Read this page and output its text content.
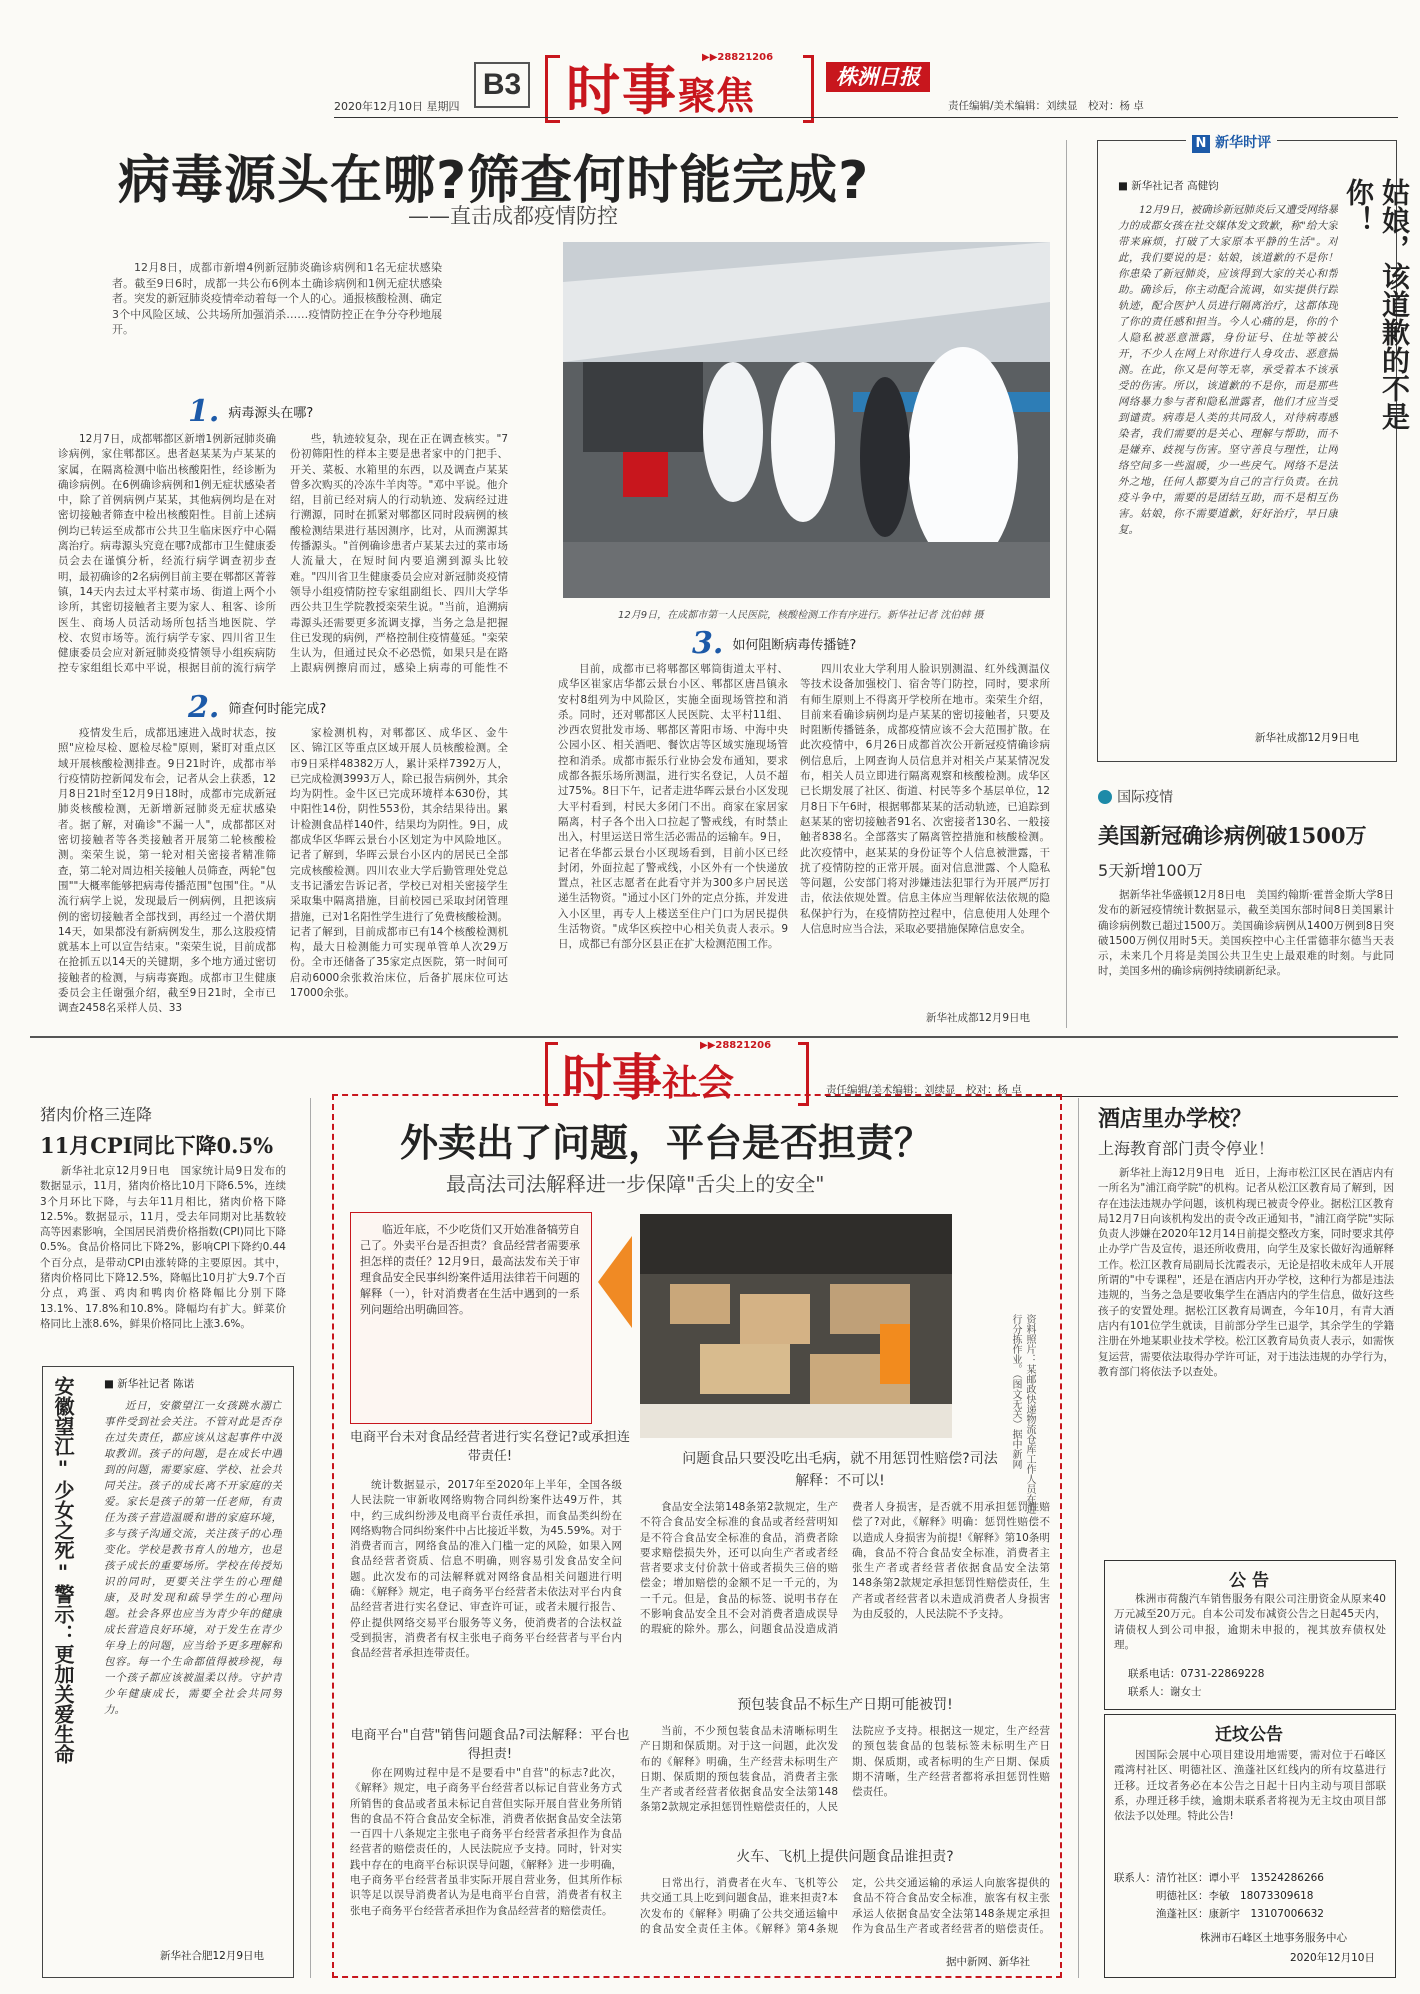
B3
2020年12月10日 星期四 时事聚焦
▶▶28821206
株洲日报
责任编辑/美术编辑：刘续显　校对：杨 卓
病毒源头在哪?筛查何时能完成?
——直击成都疫情防控

12月8日，成都市新增4例新冠肺炎确诊病例和1名无症状感染者。截至9日6时，成都一共公布6例本土确诊病例和1例无症状感染者。突发的新冠肺炎疫情牵动着每一个人的心。通报核酸检测、确定3个中风险区域、公共场所加强消杀……疫情防控正在争分夺秒地展开。

1. 病毒源头在哪?

12月7日，成都郫都区新增1例新冠肺炎确诊病例，家住郫都区。患者赵某某为卢某某的家属，在隔离检测中临出核酸阳性，经诊断为确诊病例。在6例确诊病例和1例无症状感染者中，除了首例病例卢某某，其他病例均是在对密切接触者筛查中检出核酸阳性。目前上述病例均已转运至成都市公共卫生临床医疗中心隔离治疗。病毒源头究竟在哪?成都市卫生健康委员会去在谨慎分析，经流行病学调查初步查明，最初确诊的2名病例目前主要在郫都区菁蓉镇，14天内去过太平村菜市场、街道上两个小诊所，其密切接触者主要为家人、租客、诊所医生、商场人员活动场所包括当地医院、学校、农贸市场等。流行病学专家、四川省卫生健康委员会应对新冠肺炎疫情领导小组疾病防控专家组组长邓中平说，根据目前的流行病学

些，轨迹较复杂，现在正在调查核实。"7份初筛阳性的样本主要是患者家中的门把手、开关、菜板、水箱里的东西，以及调查卢某某曾多次购买的冷冻牛羊肉等。"邓中平说。他介绍，目前已经对病人的行动轨迹、发病经过进行溯源，同时在抓紧对郫都区同时段病例的核酸检测结果进行基因测序，比对，从而溯源其传播源头。"首例确诊患者卢某某去过的菜市场人流量大，在短时间内要追溯到源头比较难。"四川省卫生健康委员会应对新冠肺炎疫情领导小组疫情防控专家组副组长、四川大学华西公共卫生学院教授栾荣生说。"当前，追溯病毒源头还需要更多流调支撑，当务之急是把握住已发现的病例，严格控制住疫情蔓延。"栾荣生认为，但通过民众不必恐慌，如果只是在路上跟病例擦肩而过，感染上病毒的可能性不

2. 筛查何时能完成?

疫情发生后，成都迅速进入战时状态，按照"应检尽检、愿检尽检"原则，紧盯对重点区域开展核酸检测排查。9日21时许，成都市举行疫情防控新闻发布会，记者从会上获悉，12月8日21时至12月9日18时，成都市完成新冠肺炎核酸检测，无新增新冠肺炎无症状感染者。据了解，对确诊"不漏一人"，成都都区对密切接触者等各类接触者开展第二轮核酸检测。栾荣生说，第一轮对相关密接者精准筛查，第二轮对周边相关接触人员筛查，两轮"包围""大概率能够把病毒传播范围"包围"住。"从流行病学上说，发现最后一例病例，且把该病例的密切接触者全部找到，再经过一个潜伏期14天，如果都没有新病例发生，那么这股疫情就基本上可以宣告结束。"栾荣生说，目前成都在抢抓五以14天的关键期，多个地方通过密切接触者的检测，与病毒赛跑。成都市卫生健康委员会主任谢强介绍，截至9日21时，全市已调查2458名采样人员、33

家检测机构，对郫都区、成华区、金牛区、锦江区等重点区域开展人员核酸检测。全市9日采样48382万人，累计采样7392万人，已完成检测3993万人，除已报告病例外，其余均为阴性。金牛区已完成环境样本630份，其中阳性14份，阴性553份，其余结果待出。累计检测食品样140件，结果均为阴性。9日，成都成华区华晖云景台小区划定为中风险地区。记者了解到，华晖云景台小区内的居民已全部完成核酸检测。四川农业大学后勤管理处党总支书记潘宏告诉记者，学校已对相关密接学生采取集中隔离措施，目前校园已采取封闭管理措施，已对1名阳性学生进行了免费核酸检测。记者了解到，目前成都市已有14个核酸检测机构，最大日检测能力可实现单管单人次29万份。全市还储备了35家定点医院，第一时间可启动6000余张救治床位，后备扩展床位可达17000余张。

12月9日，在成都市第一人民医院，核酸检测工作有序进行。新华社记者 沈伯韩 摄
3. 如何阻断病毒传播链?

目前，成都市已将郫都区郫筒街道太平村、成华区崔家店华都云景台小区、郫都区唐昌镇永安村8组列为中风险区，实施全面现场管控和消杀。同时，还对郫都区人民医院、太平村11组、沙西农贸批发市场、郫都区菁阳市场、中海中央公园小区、相关酒吧、餐饮店等区域实施现场管控和消杀。成都市振乐行业协会发布通知，要求成都各振乐场所测温，进行实名登记，人员不超过75%。8日下午，记者走进华晖云景台小区发现大平村看到，村民大多闭门不出。商家在家居家隔离，村子各个出入口拉起了警戒线，有时禁止出入，村里运送日常生活必需品的运输车。9日，记者在华都云景台小区现场看到，目前小区已经封闭，外面拉起了警戒线，小区外有一个快递放置点，社区志愿者在此看守并为300多户居民送递生活物资。"通过小区门外的定点分拣，并发进入小区里，再专人上楼送至住户门口为居民提供生活物资。"成华区疾控中心相关负责人表示。9日，成都已有部分区县正在扩大检测范围工作。

四川农业大学利用人脸识别测温、红外线测温仪等技术设备加强校门、宿舍等门防控，同时，要求所有师生原则上不得离开学校所在地市。栾荣生介绍，目前来看确诊病例均是卢某某的密切接触者，只要及时阻断传播链条，成都疫情应该不会大范围扩散。在此次疫情中，6月26日成都首次公开新冠疫情确诊病例信息后，上网查询人员信息并对相关卢某某情况发布，相关人员立即进行隔离观察和核酸检测。成华区已长期发展了社区、街道、村民等多个基层单位，12月8日下午6时，根据郫都某某的活动轨迹，已追踪到赵某某的密切接触者91名、次密接者130名、一般接触者838名。全部落实了隔离管控措施和核酸检测。此次疫情中，赵某某的身份证等个人信息被泄露，干扰了疫情防控的正常开展。面对信息泄露、个人隐私等问题，公安部门将对涉嫌违法犯罪行为开展严厉打击，依法依规处置。信息主体应当理解依法依规的隐私保护行为，在疫情防控过程中，信息使用人处理个人信息时应当合法，采取必要措施保障信息安全。

新华社成都12月9日电
N 新华时评
■ 新华社记者 高健钧	姑娘，该道歉的不是你！

12月9日，被确诊新冠肺炎后又遭受网络暴力的成都女孩在社交媒体发文致歉，称"给大家带来麻烦，打破了大家原本平静的生活"。对此，我们要说的是：姑娘，该道歉的不是你！你患染了新冠肺炎，应该得到大家的关心和帮助。确诊后，你主动配合流调，如实提供行踪轨迹，配合医护人员进行隔离治疗，这都体现了你的责任感和担当。今人心痛的是，你的个人隐私被恶意泄露，身份证号、住址等被公开，不少人在网上对你进行人身攻击、恶意揣测。在此，你又是何等无辜，承受着本不该承受的伤害。所以，该道歉的不是你，而是那些网络暴力参与者和隐私泄露者，他们才应当受到谴责。病毒是人类的共同敌人，对待病毒感染者，我们需要的是关心、理解与帮助，而不是嫌弃、歧视与伤害。坚守善良与理性，让网络空间多一些温暖，少一些戾气。网络不是法外之地，任何人都要为自己的言行负责。在抗疫斗争中，需要的是团结互助，而不是相互伤害。姑娘，你不需要道歉，好好治疗，早日康复。

新华社成都12月9日电
国际疫情
美国新冠确诊病例破1500万
5天新增100万

据新华社华盛顿12月8日电　美国约翰斯·霍普金斯大学8日发布的新冠疫情统计数据显示，截至美国东部时间8日美国累计确诊病例数已超过1500万。美国确诊病例从1400万例到8日突破1500万例仅用时5天。美国疾控中心主任雷德菲尔德当天表示，未来几个月将是美国公共卫生史上最艰难的时刻。与此同时，美国多州的确诊病例持续刷新纪录。

时事社会
▶▶28821206
责任编辑/美术编辑：刘续显　校对：杨 卓
猪肉价格三连降
11月CPI同比下降0.5%

新华社北京12月9日电　国家统计局9日发布的数据显示，11月，猪肉价格比10月下降6.5%，连续3个月环比下降，与去年11月相比，猪肉价格下降12.5%。数据显示，11月，受去年同期对比基数较高等因素影响，全国居民消费价格指数(CPI)同比下降0.5%。食品价格同比下降2%，影响CPI下降约0.44个百分点，是带动CPI由涨转降的主要原因。其中，猪肉价格同比下降12.5%，降幅比10月扩大9.7个百分点，鸡蛋、鸡肉和鸭肉价格降幅比分别下降13.1%、17.8%和10.8%。降幅均有扩大。鲜菜价格同比上涨8.6%，鲜果价格同比上涨3.6%。

安徽望江"少女之死"警示：更加关爱生命	■ 新华社记者 陈诺

近日，安徽望江一女孩跳水溺亡事件受到社会关注。不管对此是否存在过失责任，都应该从这起事件中汲取教训。孩子的问题，是在成长中遇到的问题，需要家庭、学校、社会共同关注。孩子的成长离不开家庭的关爱。家长是孩子的第一任老师，有责任为孩子营造温暖和谐的家庭环境，多与孩子沟通交流，关注孩子的心理变化。学校是教书育人的地方，也是孩子成长的重要场所。学校在传授知识的同时，更要关注学生的心理健康，及时发现和疏导学生的心理问题。社会各界也应当为青少年的健康成长营造良好环境，对于发生在青少年身上的问题，应当给予更多理解和包容。每一个生命都值得被珍视，每一个孩子都应该被温柔以待。守护青少年健康成长，需要全社会共同努力。

新华社合肥12月9日电
外卖出了问题，平台是否担责？
最高法司法解释进一步保障"舌尖上的安全"

临近年底，不少吃货们又开始准备犒劳自己了。外卖平台是否担责？食品经营者需要承担怎样的责任？12月9日，最高法发布关于审理食品安全民事纠纷案件适用法律若干问题的解释（一），针对消费者在生活中遇到的一系列问题给出明确回答。

资料照片：某邮政快递物流仓库工作人员在进行分拣作业。（图文无关）据中新网
电商平台未对食品经营者进行实名登记?或承担连带责任!

统计数据显示，2017年至2020年上半年，全国各级人民法院一审新收网络购物合同纠纷案件达49万件，其中，约三成纠纷涉及电商平台责任承担，而食品类纠纷在网络购物合同纠纷案件中占比接近半数，为45.59%。对于消费者而言，网络食品的准入门槛一定的风险，如果入网食品经营者资质、信息不明确，则容易引发食品安全问题。此次发布的司法解释就对网络食品相关问题进行明确：《解释》规定，电子商务平台经营者未依法对平台内食品经营者进行实名登记、审查许可证，或者未履行报告、停止提供网络交易平台服务等义务，使消费者的合法权益受到损害，消费者有权主张电子商务平台经营者与平台内食品经营者承担连带责任。

电商平台"自营"销售问题食品?司法解释：平台也得担责!

你在网购过程中是不是要看中"自营"的标志?此次，《解释》规定，电子商务平台经营者以标记自营业务方式所销售的食品或者虽未标记自营但实际开展自营业务所销售的食品不符合食品安全标准，消费者依据食品安全法第一百四十八条规定主张电子商务平台经营者承担作为食品经营者的赔偿责任的，人民法院应予支持。同时，针对实践中存在的电商平台标识误导问题，《解释》进一步明确，电子商务平台经营者虽非实际开展自营业务，但其所作标识等足以误导消费者认为是电商平台自营，消费者有权主张电子商务平台经营者承担作为食品经营者的赔偿责任。

问题食品只要没吃出毛病，就不用惩罚性赔偿?司法解释：不可以!

食品安全法第148条第2款规定，生产不符合食品安全标准的食品或者经营明知是不符合食品安全标准的食品，消费者除要求赔偿损失外，还可以向生产者或者经营者要求支付价款十倍或者损失三倍的赔偿金；增加赔偿的金额不足一千元的，为一千元。但是，食品的标签、说明书存在不影响食品安全且不会对消费者造成误导的瑕疵的除外。那么，问题食品没造成消费者人身损害，是否就不用承担惩罚性赔偿了?对此，《解释》明确：惩罚性赔偿不以造成人身损害为前提!《解释》第10条明确，食品不符合食品安全标准，消费者主张生产者或者经营者依据食品安全法第148条第2款规定承担惩罚性赔偿责任，生产者或者经营者以未造成消费者人身损害为由反驳的，人民法院不予支持。

预包装食品不标生产日期可能被罚!

当前，不少预包装食品未清晰标明生产日期和保质期。对于这一问题，此次发布的《解释》明确，生产经营未标明生产日期、保质期的预包装食品，消费者主张生产者或者经营者依据食品安全法第148条第2款规定承担惩罚性赔偿责任的，人民法院应予支持。根据这一规定，生产经营的预包装食品的包装标签未标明生产日期、保质期，或者标明的生产日期、保质期不清晰，生产经营者都将承担惩罚性赔偿责任。

火车、飞机上提供问题食品谁担责?

日常出行，消费者在火车、飞机等公共交通工具上吃到问题食品，谁来担责?本次发布的《解释》明确了公共交通运输中的食品安全责任主体。《解释》第4条规定，公共交通运输的承运人向旅客提供的食品不符合食品安全标准，旅客有权主张承运人依据食品安全法第148条规定承担作为食品生产者或者经营者的赔偿责任。

据中新网、新华社
酒店里办学校？
上海教育部门责令停业！

新华社上海12月9日电　近日，上海市松江区民在酒店内有一所名为"浦江商学院"的机构。记者从松江区教育局了解到，因存在违法违规办学问题，该机构现已被责令停业。据松江区教育局12月7日向该机构发出的责令改正通知书，"浦江商学院"实际负责人涉嫌在2020年12月14日前提交整改方案，同时要求其停止办学广告及宣传，退还所收费用，向学生及家长做好沟通解释工作。松江区教育局副局长沈霞表示，无论是招收未成年人开展所谓的"中专课程"，还是在酒店内开办学校，这种行为都是违法违规的，当务之急是要收集学生在酒店内的学生信息，做好这些孩子的安置处理。据松江区教育局调查，今年10月，有青大酒店内有101位学生就读，目前部分学生已退学，其余学生的学籍注册在外地某职业技术学校。松江区教育局负责人表示，如需恢复运营，需要依法取得办学许可证，对于违法违规的办学行为，教育部门将依法予以查处。

公 告

株洲市荷馥汽车销售服务有限公司注册资金从原来40万元减至20万元。自本公司发布减资公告之日起45天内，请债权人到公司申报，逾期未申报的，视其放弃债权处理。

联系电话：0731-22869228
联系人：谢女士
迁坟公告

因国际会展中心项目建设用地需要，需对位于石峰区霞湾村社区、明德社区、渔蓬社区红线内的所有坟墓进行迁移。迁坟者务必在本公告之日起十日内主动与项目部联系，办理迁移手续，逾期未联系者将视为无主坟由项目部依法予以处理。特此公告!

联系人：清竹社区：谭小平　13524286266
　　　　明德社区：李敏　18073309618
　　　　渔蓬社区：康新宇　13107006632
株洲市石峰区土地事务服务中心
2020年12月10日
